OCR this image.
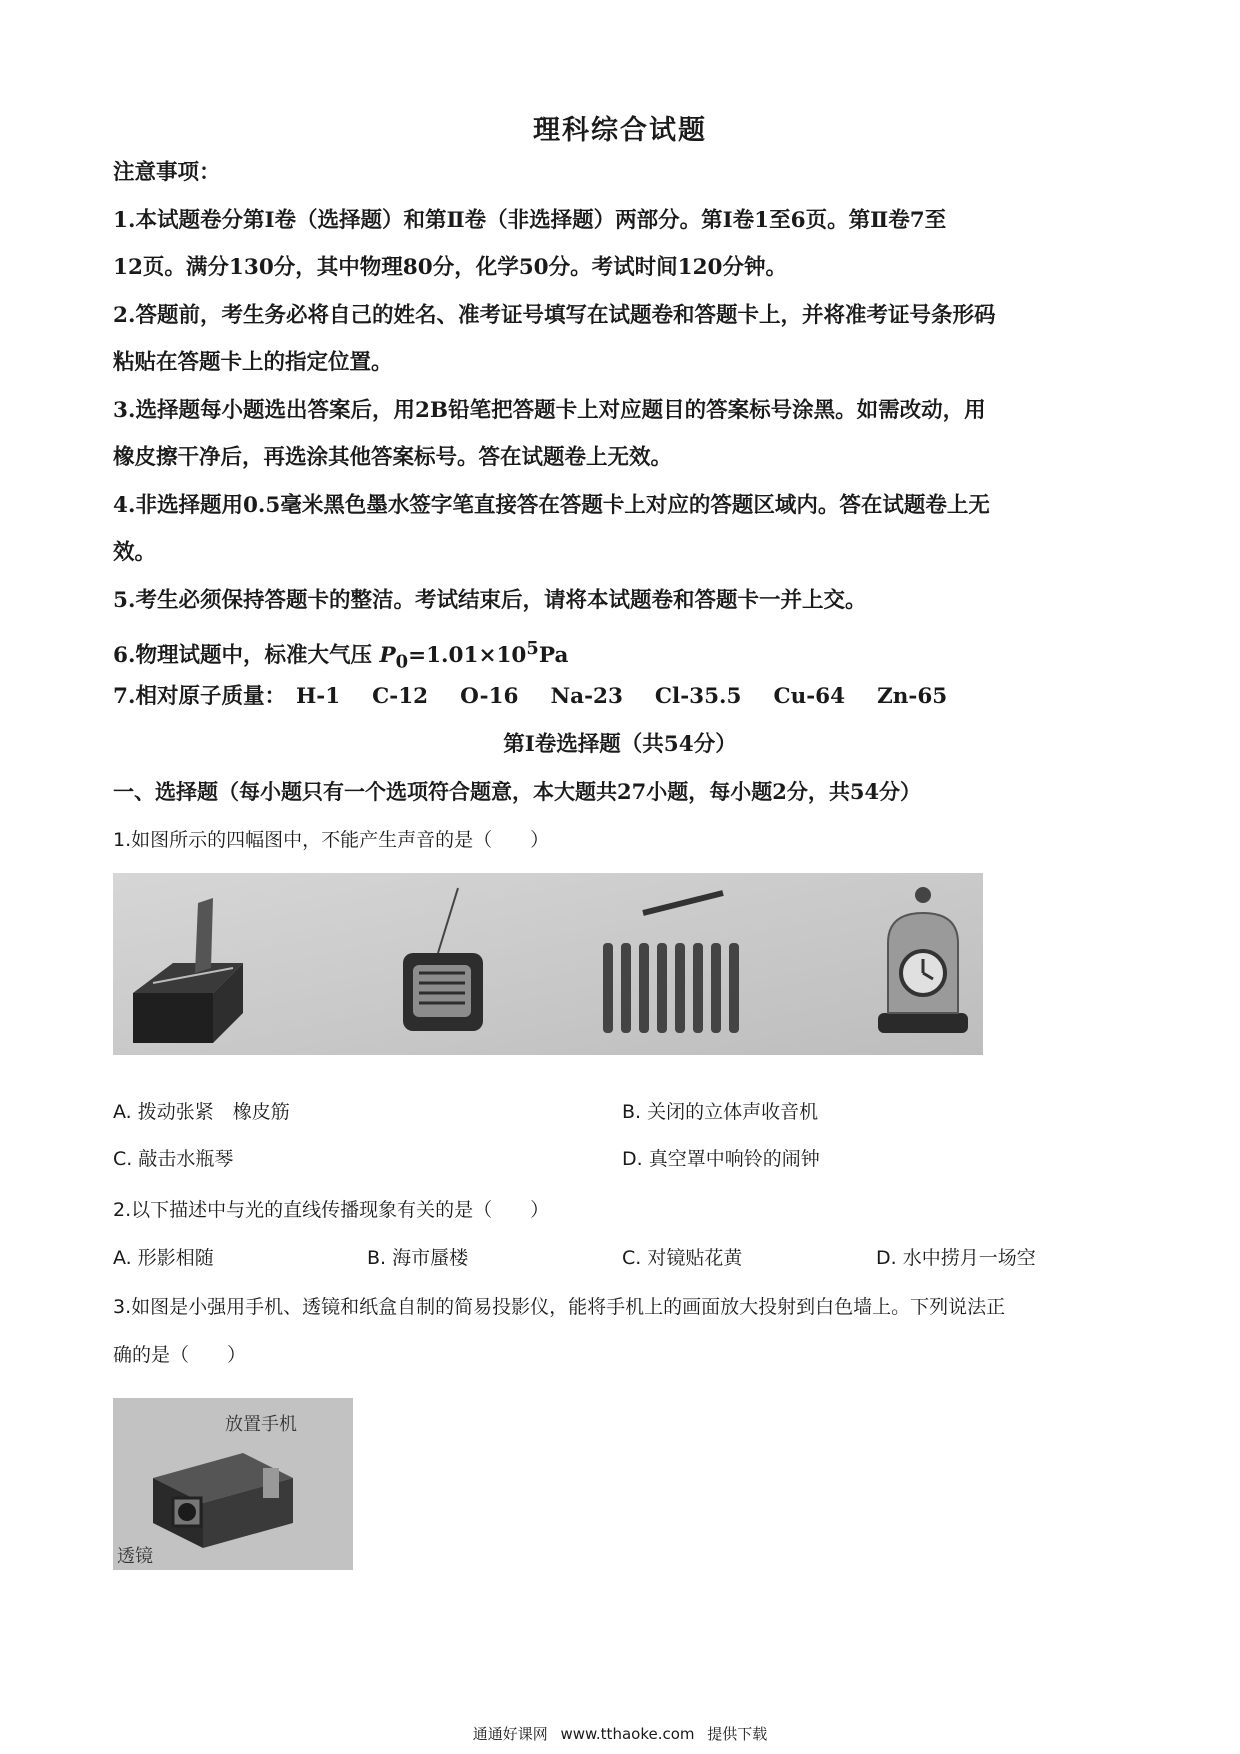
理科综合试题
注意事项：
1.本试题卷分第Ⅰ卷（选择题）和第Ⅱ卷（非选择题）两部分。第Ⅰ卷1至6页。第Ⅱ卷7至
12页。满分130分，其中物理80分，化学50分。考试时间120分钟。
2.答题前，考生务必将自己的姓名、准考证号填写在试题卷和答题卡上，并将准考证号条形码
粘贴在答题卡上的指定位置。
3.选择题每小题选出答案后，用2B铅笔把答题卡上对应题目的答案标号涂黑。如需改动，用
橡皮擦干净后，再选涂其他答案标号。答在试题卷上无效。
4.非选择题用0.5毫米黑色墨水签字笔直接答在答题卡上对应的答题区域内。答在试题卷上无
效。
5.考生必须保持答题卡的整洁。考试结束后，请将本试题卷和答题卡一并上交。
6.物理试题中，标准大气压 $P_0=1.01\times 10^5Pa$
7.相对原子质量： H-1 C-12 O-16 Na-23 Cl-35.5 Cu-64 Zn-65
第Ⅰ卷选择题（共54分）
一、选择题（每小题只有一个选项符合题意，本大题共27小题，每小题2分，共54分）
1.如图所示的四幅图中，不能产生声音的是（　　）
A. 拨动张紧　橡皮筋	B. 关闭的立体声收音机
C. 敲击水瓶琴	D. 真空罩中响铃的闹钟
2.以下描述中与光的直线传播现象有关的是（　　）
A. 形影相随	B. 海市蜃楼	C. 对镜贴花黄	D. 水中捞月一场空
3.如图是小强用手机、透镜和纸盒自制的简易投影仪，能将手机上的画面放大投射到白色墙上。下列说法正
确的是（　　）
放置手机
透镜
通通好课网 www.tthaoke.com 提供下载
